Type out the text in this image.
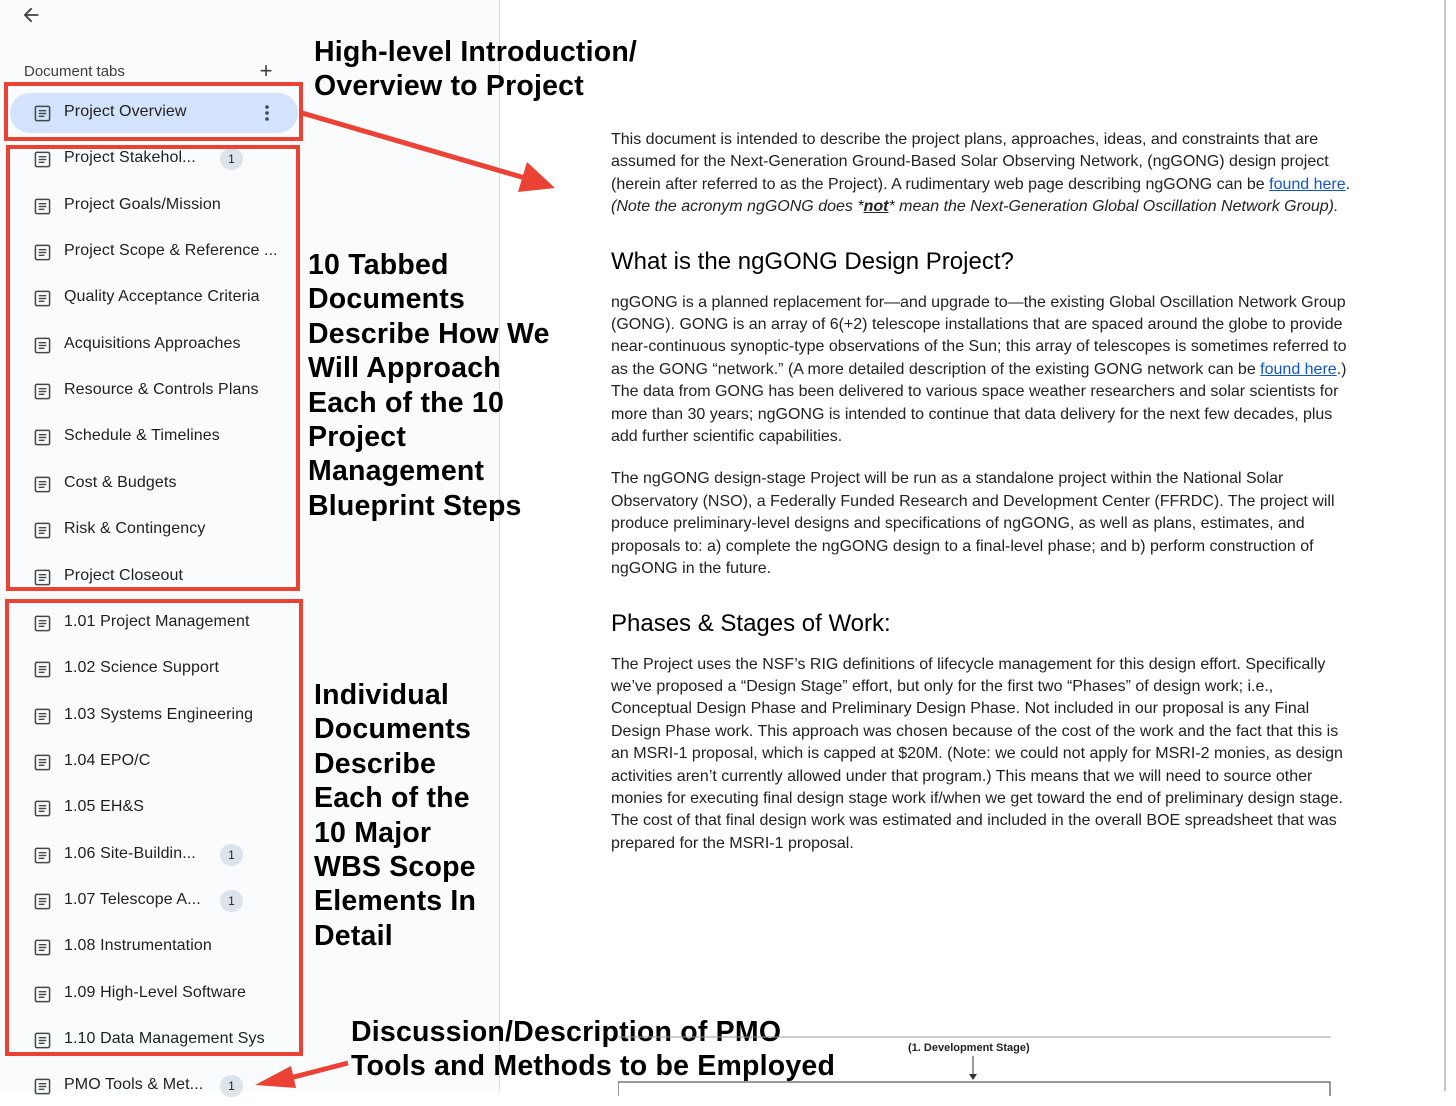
Document tabs	+
Project Overview
Project Stakehol...	1
Project Goals/Mission
Project Scope & Reference ...
Quality Acceptance Criteria
Acquisitions Approaches
Resource & Controls Plans
Schedule & Timelines
Cost & Budgets
Risk & Contingency
Project Closeout
1.01 Project Management
1.02 Science Support
1.03 Systems Engineering
1.04 EPO/C
1.05 EH&S
1.06 Site-Buildin...	1
1.07 Telescope A...	1
1.08 Instrumentation
1.09 High-Level Software
1.10 Data Management Sys
PMO Tools & Met...	1
High-level Introduction/
Overview to Project
10 Tabbed
Documents
Describe How We
Will Approach
Each of the 10
Project
Management
Blueprint Steps
Individual
Documents
Describe
Each of the
10 Major
WBS Scope
Elements In
Detail
Discussion/Description of PMO
Tools and Methods to be Employed

This document is intended to describe the project plans, approaches, ideas, and constraints that are assumed for the Next-Generation Ground-Based Solar Observing Network, (ngGONG) design project (herein after referred to as the Project). A rudimentary web page describing ngGONG can be found here. (Note the acronym ngGONG does *not* mean the Next-Generation Global Oscillation Network Group).

What is the ngGONG Design Project?

ngGONG is a planned replacement for—and upgrade to—the existing Global Oscillation Network Group (GONG). GONG is an array of 6(+2) telescope installations that are spaced around the globe to provide near-continuous synoptic-type observations of the Sun; this array of telescopes is sometimes referred to as the GONG “network.” (A more detailed description of the existing GONG network can be found here.) The data from GONG has been delivered to various space weather researchers and solar scientists for more than 30 years; ngGONG is intended to continue that data delivery for the next few decades, plus add further scientific capabilities.

The ngGONG design-stage Project will be run as a standalone project within the National Solar Observatory (NSO), a Federally Funded Research and Development Center (FFRDC). The project will produce preliminary-level designs and specifications of ngGONG, as well as plans, estimates, and proposals to: a) complete the ngGONG design to a final-level phase; and b) perform construction of ngGONG in the future.

Phases & Stages of Work:

The Project uses the NSF’s RIG definitions of lifecycle management for this design effort. Specifically we’ve proposed a “Design Stage” effort, but only for the first two “Phases” of design work; i.e., Conceptual Design Phase and Preliminary Design Phase. Not included in our proposal is any Final Design Phase work. This approach was chosen because of the cost of the work and the fact that this is an MSRI-1 proposal, which is capped at $20M. (Note: we could not apply for MSRI-2 monies, as design activities aren’t currently allowed under that program.) This means that we will need to source other monies for executing final design stage work if/when we get toward the end of preliminary design stage. The cost of that final design work was estimated and included in the overall BOE spreadsheet that was prepared for the MSRI-1 proposal.

(1. Development Stage)
